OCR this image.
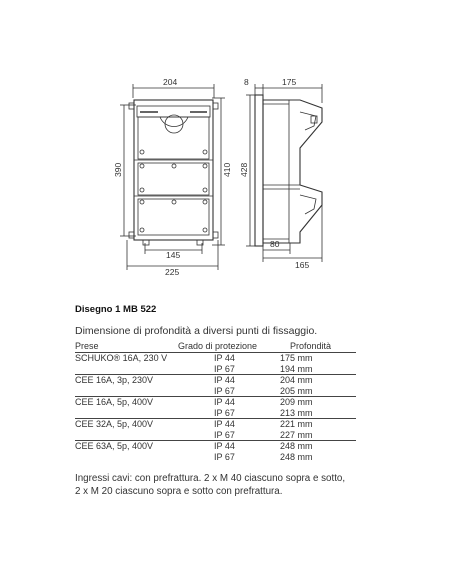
204	8	175
390	410 428
145
225
80
165
Disegno 1 MB 522
Dimensione di profondità a diversi punti di fissaggio.
Prese	Grado di protezione	Profondità
SCHUKO® 16A, 230 V	IP 44	175 mm
	IP 67	194 mm
CEE 16A, 3p, 230V	IP 44	204 mm
	IP 67	205 mm
CEE 16A, 5p, 400V	IP 44	209 mm
	IP 67	213 mm
CEE 32A, 5p, 400V	IP 44	221 mm
	IP 67	227 mm
CEE 63A, 5p, 400V	IP 44	248 mm
	IP 67	248 mm
Ingressi cavi: con prefrattura. 2 x M 40 ciascuno sopra e sotto,
2 x M 20 ciascuno sopra e sotto con prefrattura.
